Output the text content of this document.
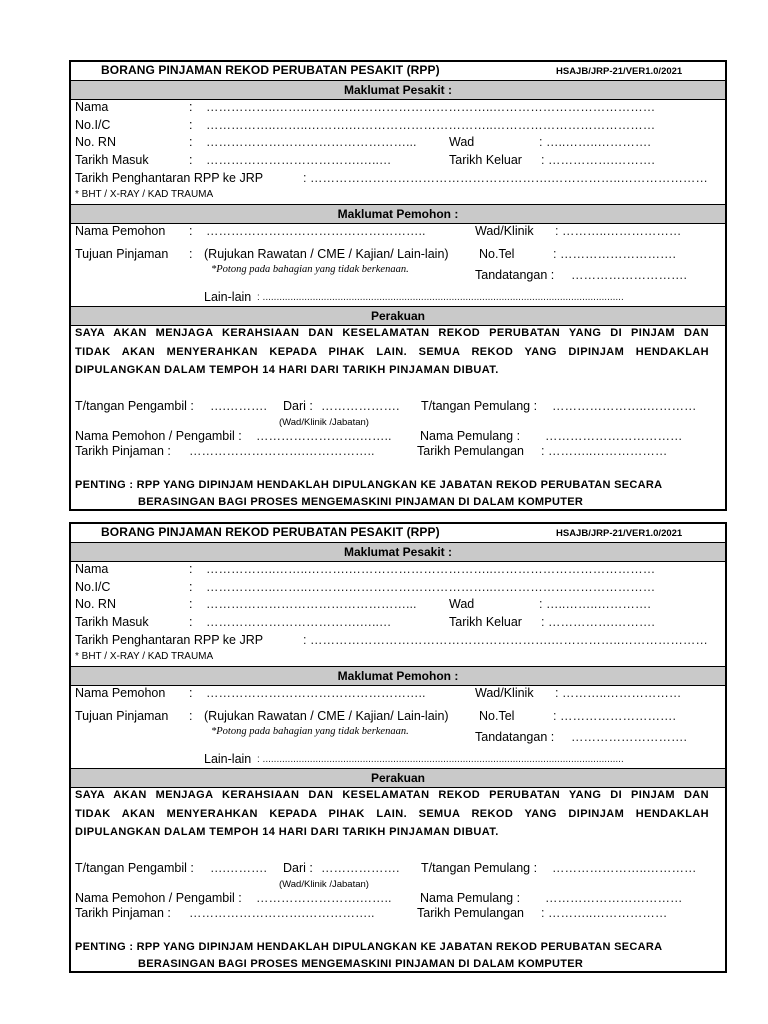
BORANG PINJAMAN REKOD PERUBATAN PESAKIT (RPP)	HSAJB/JRP-21/VER1.0/2021
Maklumat Pesakit :
Nama	: ……………..……..……….……………………………..…………………………………
No.I/C	: ……………..……..……….……………………………..…………………………………
No. RN	: …………………………………………...	Wad	: …..……..………….
Tarikh Masuk	: ……………………………….…..…	Tarikh Keluar : …………….……….
Tarikh Penghantaran RPP ke JRP	: ………………………………………………….……………..…………………
* BHT / X-RAY / KAD TRAUMA
Maklumat Pemohon :
Nama Pemohon : ……………………………………………..	Wad/Klinik : ………..………………
Tujuan Pinjaman : (Rujukan Rawatan / CME / Kajian/ Lain-lain) No.Tel	: ……………………….
*Potong pada bahagian yang tidak berkenaan.	Tandatangan : ……………………….
Lain-lain : ..................................................................................................................................
Perakuan
SAYA AKAN MENJAGA KERAHSIAAN DAN KESELAMATAN REKOD PERUBATAN YANG DI PINJAM DAN
TIDAK AKAN MENYERAHKAN KEPADA PIHAK LAIN. SEMUA REKOD YANG DIPINJAM HENDAKLAH
DIPULANGKAN DALAM TEMPOH 14 HARI DARI TARIKH PINJAMAN DIBUAT.
T/tangan Pengambil : ….………. Dari : ………………. T/tangan Pemulang : …………………..…………
(Wad/Klinik /Jabatan)
Nama Pemohon / Pengambil : …………………….…….. Nama Pemulang : ……………………………
Tarikh Pinjaman : ……………………….……………..	Tarikh Pemulangan : ………..………………
PENTING : RPP YANG DIPINJAM HENDAKLAH DIPULANGKAN KE JABATAN REKOD PERUBATAN SECARA
BERASINGAN BAGI PROSES MENGEMASKINI PINJAMAN DI DALAM KOMPUTER
BORANG PINJAMAN REKOD PERUBATAN PESAKIT (RPP)	HSAJB/JRP-21/VER1.0/2021
Maklumat Pesakit :
Nama	: ……………..……..……….……………………………..…………………………………
No.I/C	: ……………..……..……….……………………………..…………………………………
No. RN	: …………………………………………...	Wad	: …..……..………….
Tarikh Masuk	: ……………………………….…..…	Tarikh Keluar : …………….……….
Tarikh Penghantaran RPP ke JRP	: ………………………………………………….……………..…………………
* BHT / X-RAY / KAD TRAUMA
Maklumat Pemohon :
Nama Pemohon : ……………………………………………..	Wad/Klinik : ………..………………
Tujuan Pinjaman : (Rujukan Rawatan / CME / Kajian/ Lain-lain) No.Tel	: ……………………….
*Potong pada bahagian yang tidak berkenaan.	Tandatangan : ……………………….
Lain-lain : ..................................................................................................................................
Perakuan
SAYA AKAN MENJAGA KERAHSIAAN DAN KESELAMATAN REKOD PERUBATAN YANG DI PINJAM DAN
TIDAK AKAN MENYERAHKAN KEPADA PIHAK LAIN. SEMUA REKOD YANG DIPINJAM HENDAKLAH
DIPULANGKAN DALAM TEMPOH 14 HARI DARI TARIKH PINJAMAN DIBUAT.
T/tangan Pengambil : ….………. Dari : ………………. T/tangan Pemulang : …………………..…………
(Wad/Klinik /Jabatan)
Nama Pemohon / Pengambil : …………………….…….. Nama Pemulang : ……………………………
Tarikh Pinjaman : ……………………….……………..	Tarikh Pemulangan : ………..………………
PENTING : RPP YANG DIPINJAM HENDAKLAH DIPULANGKAN KE JABATAN REKOD PERUBATAN SECARA
BERASINGAN BAGI PROSES MENGEMASKINI PINJAMAN DI DALAM KOMPUTER
